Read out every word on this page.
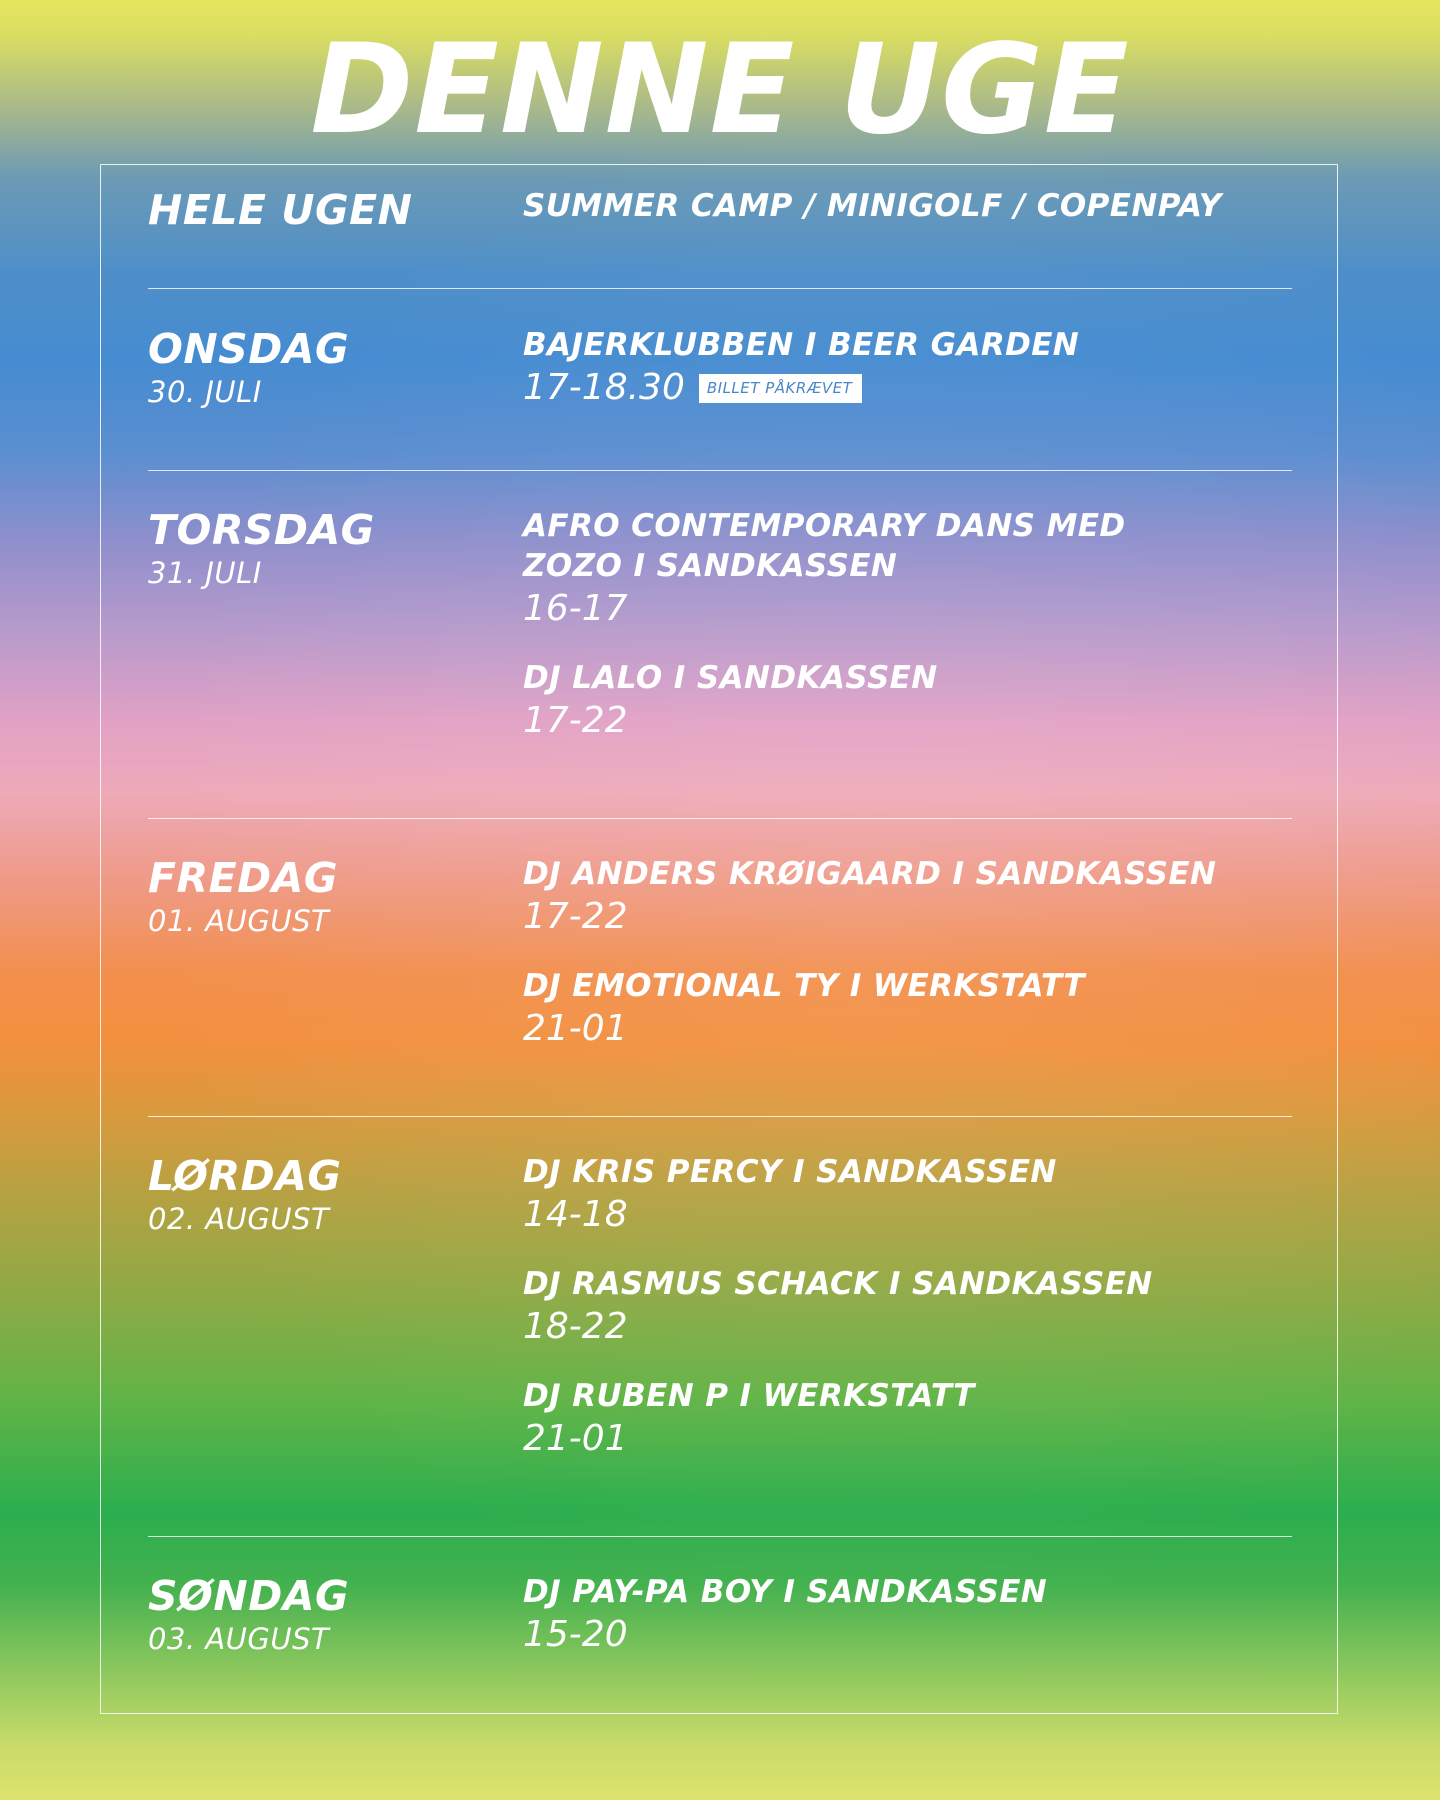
DENNE UGE
HELE UGEN	SUMMER CAMP / MINIGOLF / COPENPAY
ONSDAG
30. JULI
BAJERKLUBBEN I BEER GARDEN
17-18.30	BILLET PÅKRÆVET
TORSDAG
31. JULI
AFRO CONTEMPORARY DANS MED ZOZO I SANDKASSEN
16-17
DJ LALO I SANDKASSEN
17-22
FREDAG
01. AUGUST
DJ ANDERS KRØIGAARD I SANDKASSEN
17-22
DJ EMOTIONAL TY I WERKSTATT
21-01
LØRDAG
02. AUGUST
DJ KRIS PERCY I SANDKASSEN
14-18
DJ RASMUS SCHACK I SANDKASSEN
18-22
DJ RUBEN P I WERKSTATT
21-01
SØNDAG
03. AUGUST
DJ PAY-PA BOY I SANDKASSEN
15-20
